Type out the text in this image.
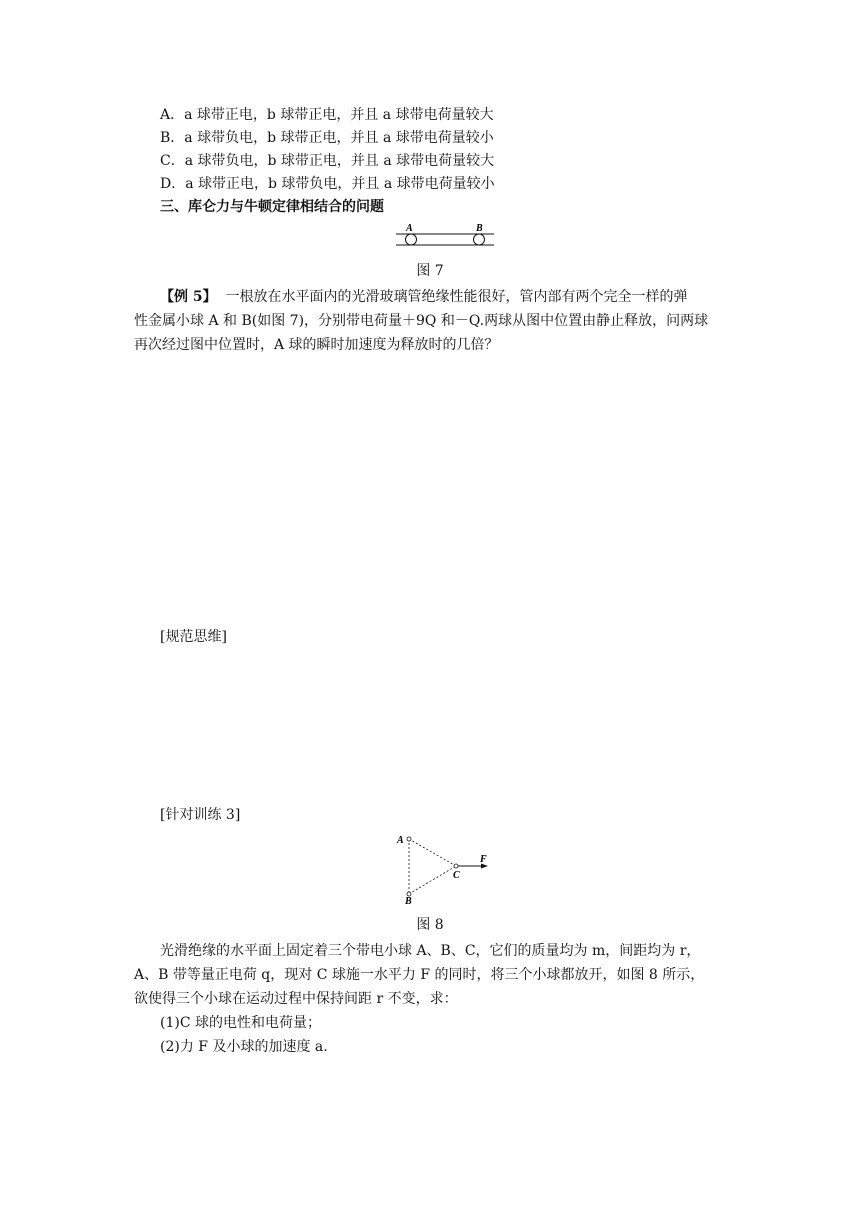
A．a 球带正电，b 球带正电，并且 a 球带电荷量较大
B．a 球带负电，b 球带正电，并且 a 球带电荷量较小
C．a 球带负电，b 球带正电，并且 a 球带电荷量较大
D．a 球带正电，b 球带负电，并且 a 球带电荷量较小
三、库仑力与牛顿定律相结合的问题
A	B
图 7
【例 5】 一根放在水平面内的光滑玻璃管绝缘性能很好，管内部有两个完全一样的弹
性金属小球 A 和 B(如图 7)，分别带电荷量＋9Q 和－Q.两球从图中位置由静止释放，问两球
再次经过图中位置时，A 球的瞬时加速度为释放时的几倍？
[规范思维]
[针对训练 3]
A
B
C
F
图 8
光滑绝缘的水平面上固定着三个带电小球 A、B、C，它们的质量均为 m，间距均为 r，
A、B 带等量正电荷 q，现对 C 球施一水平力 F 的同时，将三个小球都放开，如图 8 所示，
欲使得三个小球在运动过程中保持间距 r 不变，求：
(1)C 球的电性和电荷量；
(2)力 F 及小球的加速度 a.
